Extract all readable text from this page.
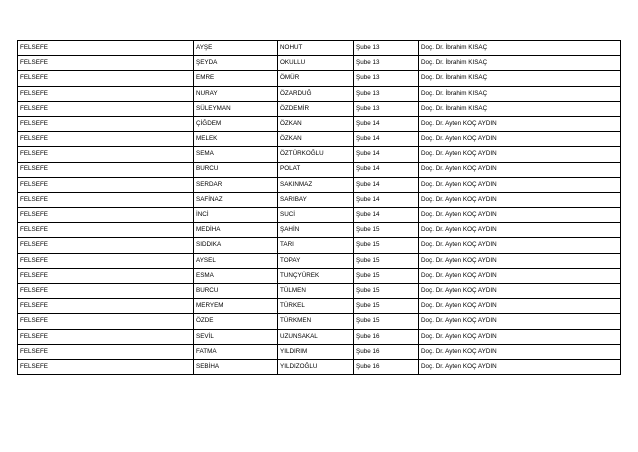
FELSEFE	AYŞE	NOHUT	Şube 13	Doç. Dr. İbrahim KISAÇ
FELSEFE	ŞEYDA	OKULLU	Şube 13	Doç. Dr. İbrahim KISAÇ
FELSEFE	EMRE	ÖMÜR	Şube 13	Doç. Dr. İbrahim KISAÇ
FELSEFE	NURAY	ÖZARDUĞ	Şube 13	Doç. Dr. İbrahim KISAÇ
FELSEFE	SÜLEYMAN	ÖZDEMİR	Şube 13	Doç. Dr. İbrahim KISAÇ
FELSEFE	ÇİĞDEM	ÖZKAN	Şube 14	Doç. Dr. Ayten KOÇ AYDIN
FELSEFE	MELEK	ÖZKAN	Şube 14	Doç. Dr. Ayten KOÇ AYDIN
FELSEFE	SEMA	ÖZTÜRKOĞLU	Şube 14	Doç. Dr. Ayten KOÇ AYDIN
FELSEFE	BURCU	POLAT	Şube 14	Doç. Dr. Ayten KOÇ AYDIN
FELSEFE	SERDAR	SAKINMAZ	Şube 14	Doç. Dr. Ayten KOÇ AYDIN
FELSEFE	SAFİNAZ	SARIBAY	Şube 14	Doç. Dr. Ayten KOÇ AYDIN
FELSEFE	İNCİ	SUCİ	Şube 14	Doç. Dr. Ayten KOÇ AYDIN
FELSEFE	MEDİHA	ŞAHİN	Şube 15	Doç. Dr. Ayten KOÇ AYDIN
FELSEFE	SIDDIKA	TARI	Şube 15	Doç. Dr. Ayten KOÇ AYDIN
FELSEFE	AYSEL	TOPAY	Şube 15	Doç. Dr. Ayten KOÇ AYDIN
FELSEFE	ESMA	TUNÇYÜREK	Şube 15	Doç. Dr. Ayten KOÇ AYDIN
FELSEFE	BURCU	TÜLMEN	Şube 15	Doç. Dr. Ayten KOÇ AYDIN
FELSEFE	MERYEM	TÜRKEL	Şube 15	Doç. Dr. Ayten KOÇ AYDIN
FELSEFE	ÖZDE	TÜRKMEN	Şube 15	Doç. Dr. Ayten KOÇ AYDIN
FELSEFE	SEVİL	UZUNSAKAL	Şube 16	Doç. Dr. Ayten KOÇ AYDIN
FELSEFE	FATMA	YILDIRIM	Şube 16	Doç. Dr. Ayten KOÇ AYDIN
FELSEFE	SEBİHA	YILDIZOĞLU	Şube 16	Doç. Dr. Ayten KOÇ AYDIN
